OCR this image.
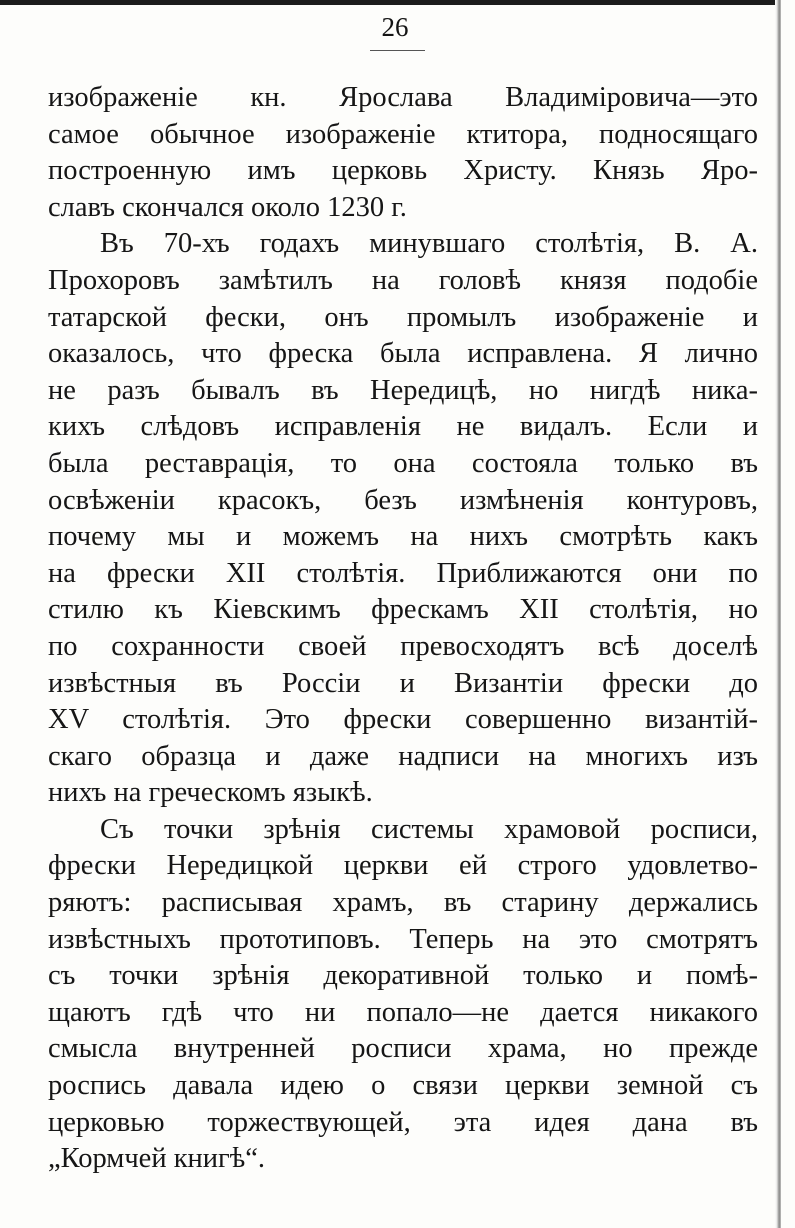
26
изображеніе кн. Ярослава Владиміровича—это
самое обычное изображеніе ктитора, подносящаго
построенную имъ церковь Христу. Князь Яро-
славъ скончался около 1230 г.
Въ 70-хъ годахъ минувшаго столѣтія, В. А.
Прохоровъ замѣтилъ на головѣ князя подобіе
татарской фески, онъ промылъ изображеніе и
оказалось, что фреска была исправлена. Я лично
не разъ бывалъ въ Нередицѣ, но нигдѣ ника-
кихъ слѣдовъ исправленія не видалъ. Если и
была реставрація, то она состояла только въ
освѣженіи красокъ, безъ измѣненія контуровъ,
почему мы и можемъ на нихъ смотрѣть какъ
на фрески XII столѣтія. Приближаются они по
стилю къ Кіевскимъ фрескамъ XII столѣтія, но
по сохранности своей превосходятъ всѣ доселѣ
извѣстныя въ Россіи и Византіи фрески до
XV столѣтія. Это фрески совершенно византій-
скаго образца и даже надписи на многихъ изъ
нихъ на греческомъ языкѣ.
Съ точки зрѣнія системы храмовой росписи,
фрески Нередицкой церкви ей строго удовлетво-
ряютъ: расписывая храмъ, въ старину держались
извѣстныхъ прототиповъ. Теперь на это смотрятъ
съ точки зрѣнія декоративной только и помѣ-
щаютъ гдѣ что ни попало—не дается никакого
смысла внутренней росписи храма, но прежде
роспись давала идею о связи церкви земной съ
церковью торжествующей, эта идея дана въ
„Кормчей книгѣ“.
